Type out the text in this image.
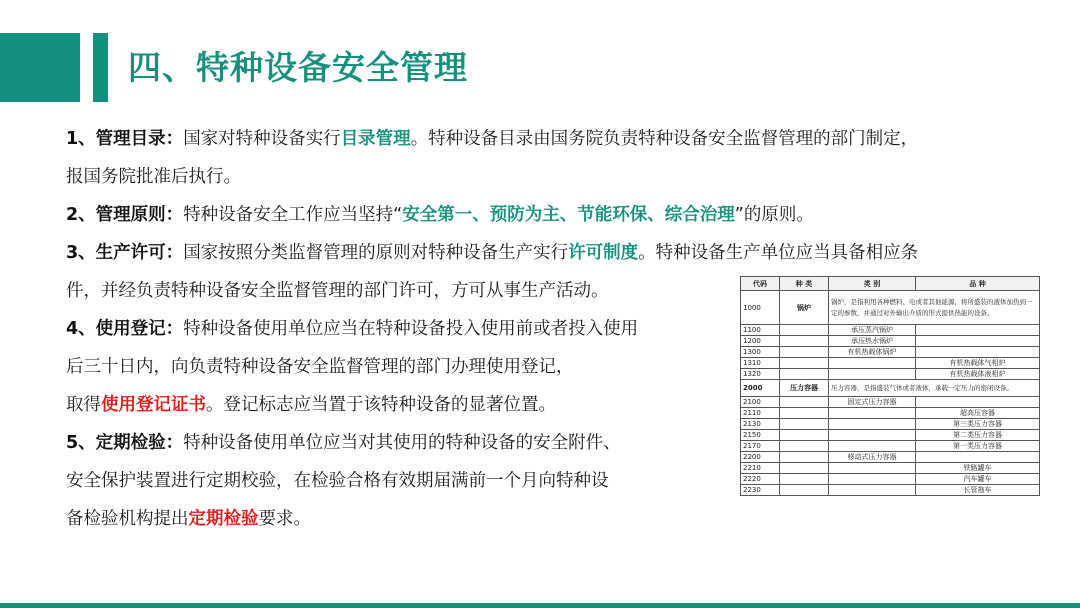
四、特种设备安全管理
1、管理目录：国家对特种设备实行目录管理。特种设备目录由国务院负责特种设备安全监督管理的部门制定，
报国务院批准后执行。
2、管理原则：特种设备安全工作应当坚持“安全第一、预防为主、节能环保、综合治理”的原则。
3、生产许可：国家按照分类监督管理的原则对特种设备生产实行许可制度。特种设备生产单位应当具备相应条
件，并经负责特种设备安全监督管理的部门许可，方可从事生产活动。
4、使用登记：特种设备使用单位应当在特种设备投入使用前或者投入使用
后三十日内，向负责特种设备安全监督管理的部门办理使用登记，
取得使用登记证书。登记标志应当置于该特种设备的显著位置。
5、定期检验：特种设备使用单位应当对其使用的特种设备的安全附件、
安全保护装置进行定期校验，在检验合格有效期届满前一个月向特种设
备检验机构提出定期检验要求。
代码	种 类	类 别	品 种
1000	锅炉	锅炉，是指利用各种燃料、电或者其他能源，将所盛装的液体加热到一定的参数，并通过对外输出介质的形式提供热能的设备。	
1100		承压蒸汽锅炉	
1200		承压热水锅炉	
1300		有机热载体锅炉	
1310			有机热载体气相炉
1320			有机热载体液相炉
2000	压力容器	压力容器，是指盛装气体或者液体，承载一定压力的密闭设备。	
2100		固定式压力容器	
2110			超高压容器
2130			第三类压力容器
2150			第二类压力容器
2170			第一类压力容器
2200		移动式压力容器	
2210			铁路罐车
2220			汽车罐车
2230			长管拖车
